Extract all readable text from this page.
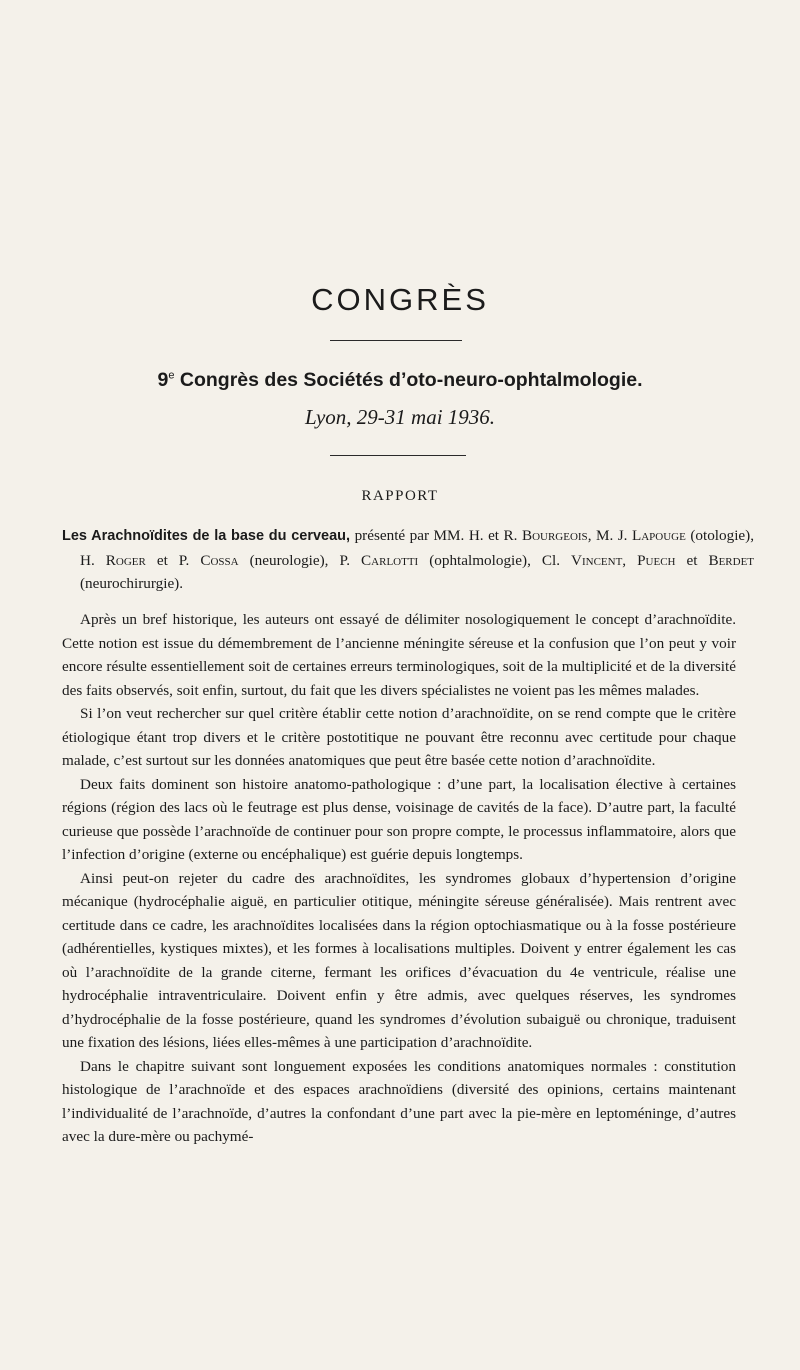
CONGRÈS
9e Congrès des Sociétés d’oto-neuro-ophtalmologie.

Lyon, 29-31 mai 1936.

RAPPORT

Les Arachnoïdites de la base du cerveau, présenté par MM. H. et R. Bourgeois, M. J. Lapouge (otologie), H. Roger et P. Cossa (neurologie), P. Carlotti (ophtalmologie), Cl. Vincent, Puech et Berdet (neurochirurgie).

Après un bref historique, les auteurs ont essayé de délimiter nosologiquement le concept d’arachnoïdite. Cette notion est issue du démembrement de l’ancienne méningite séreuse et la confusion que l’on peut y voir encore résulte essentiellement soit de certaines erreurs terminologiques, soit de la multiplicité et de la diversité des faits observés, soit enfin, surtout, du fait que les divers spécialistes ne voient pas les mêmes malades.

Si l’on veut rechercher sur quel critère établir cette notion d’arachnoïdite, on se rend compte que le critère étiologique étant trop divers et le critère postotitique ne pouvant être reconnu avec certitude pour chaque malade, c’est surtout sur les données anatomiques que peut être basée cette notion d’arachnoïdite.

Deux faits dominent son histoire anatomo-pathologique : d’une part, la localisation élective à certaines régions (région des lacs où le feutrage est plus dense, voisinage de cavités de la face). D’autre part, la faculté curieuse que possède l’arachnoïde de continuer pour son propre compte, le processus inflammatoire, alors que l’infection d’origine (externe ou encéphalique) est guérie depuis longtemps.

Ainsi peut-on rejeter du cadre des arachnoïdites, les syndromes globaux d’hypertension d’origine mécanique (hydrocéphalie aiguë, en particulier otitique, méningite séreuse généralisée). Mais rentrent avec certitude dans ce cadre, les arachnoïdites localisées dans la région optochiasmatique ou à la fosse postérieure (adhérentielles, kystiques mixtes), et les formes à localisations multiples. Doivent y entrer également les cas où l’arachnoïdite de la grande citerne, fermant les orifices d’évacuation du 4e ventricule, réalise une hydrocéphalie intraventriculaire. Doivent enfin y être admis, avec quelques réserves, les syndromes d’hydrocéphalie de la fosse postérieure, quand les syndromes d’évolution subaiguë ou chronique, traduisent une fixation des lésions, liées elles-mêmes à une participation d’arachnoïdite.

Dans le chapitre suivant sont longuement exposées les conditions anatomiques normales : constitution histologique de l’arachnoïde et des espaces arachnoïdiens (diversité des opinions, certains maintenant l’individualité de l’arachnoïde, d’autres la confondant d’une part avec la pie-mère en leptoméninge, d’autres avec la dure-mère ou pachymé-
